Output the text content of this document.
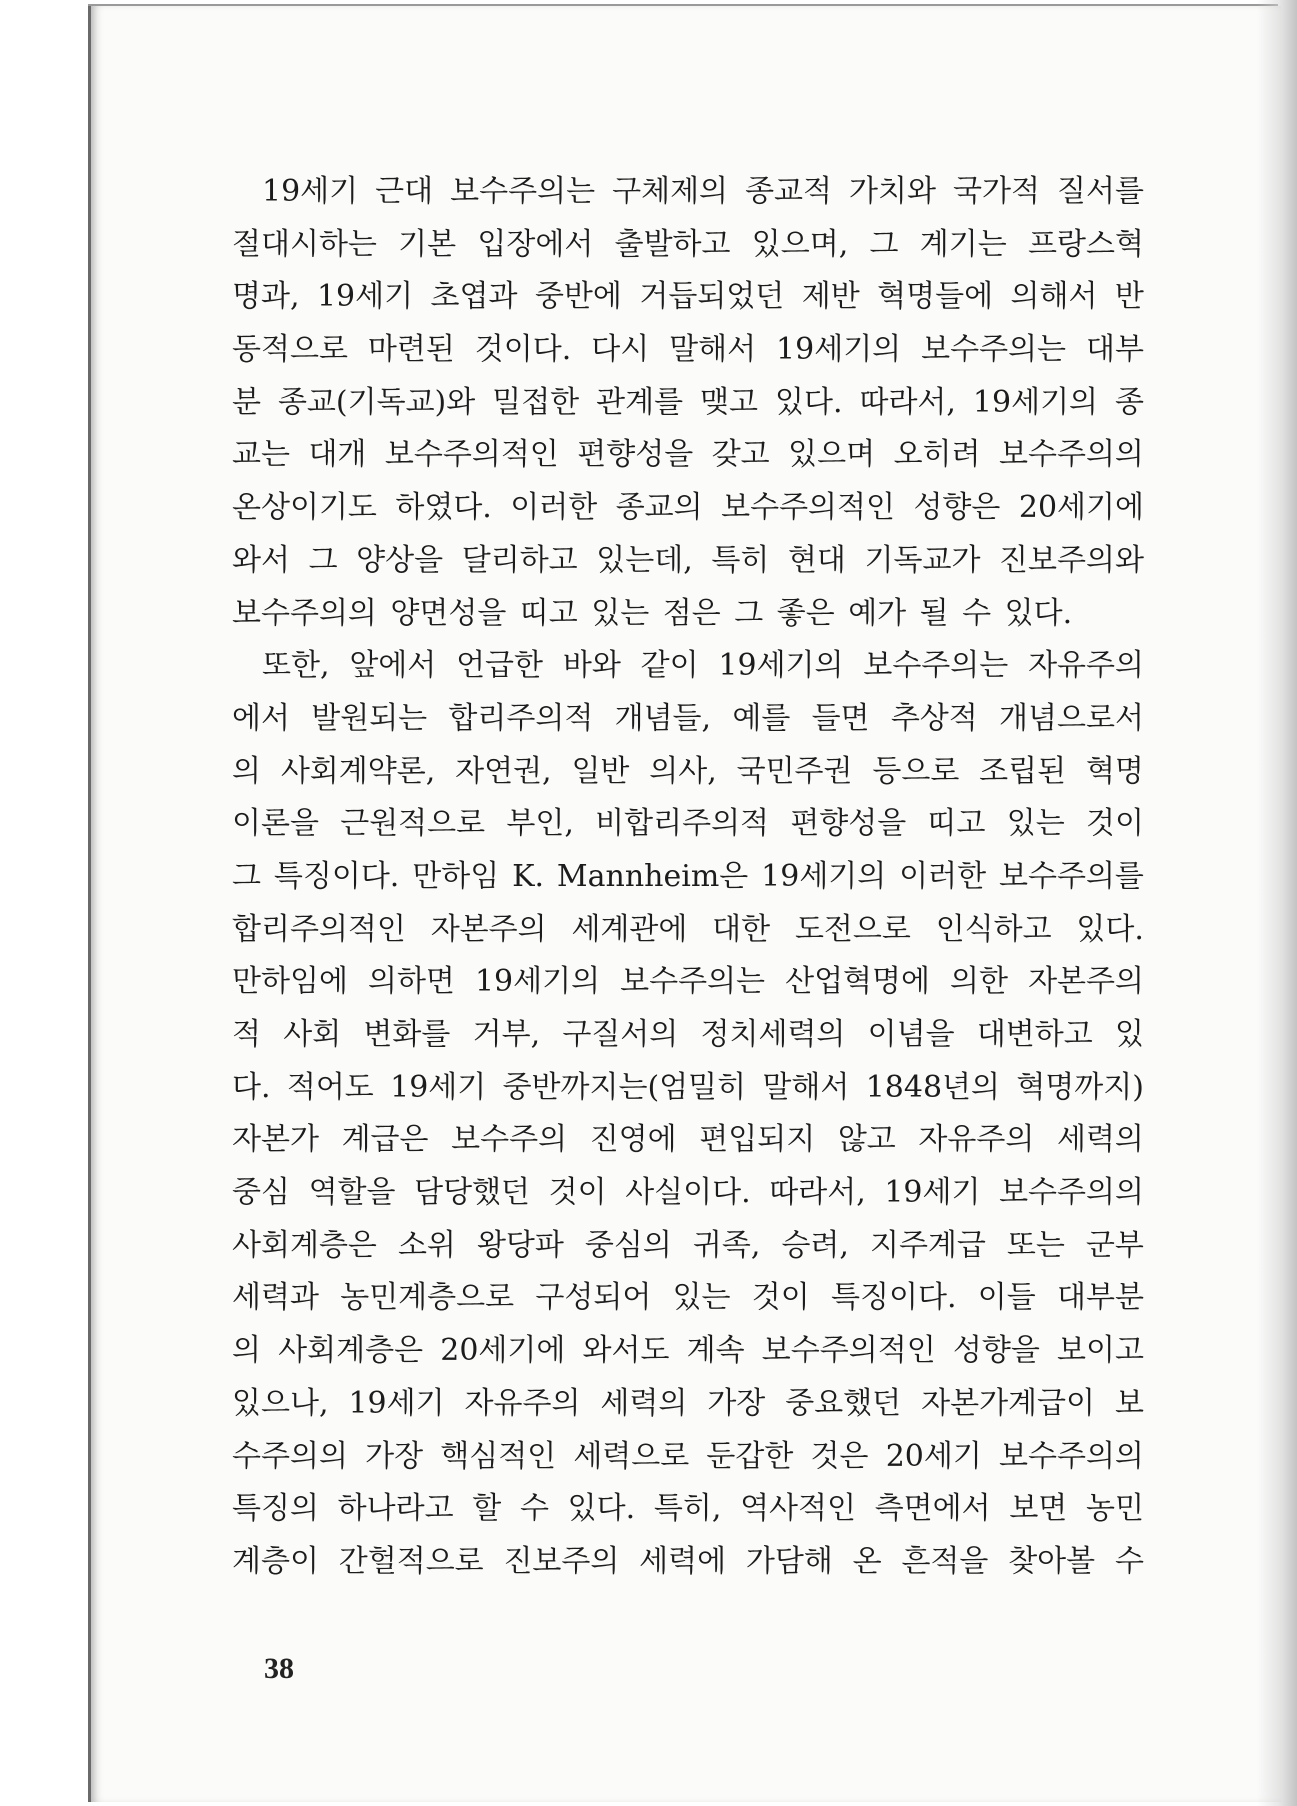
19세기 근대 보수주의는 구체제의 종교적 가치와 국가적 질서를
절대시하는 기본 입장에서 출발하고 있으며, 그 계기는 프랑스혁
명과, 19세기 초엽과 중반에 거듭되었던 제반 혁명들에 의해서 반
동적으로 마련된 것이다. 다시 말해서 19세기의 보수주의는 대부
분 종교(기독교)와 밀접한 관계를 맺고 있다. 따라서, 19세기의 종
교는 대개 보수주의적인 편향성을 갖고 있으며 오히려 보수주의의
온상이기도 하였다. 이러한 종교의 보수주의적인 성향은 20세기에
와서 그 양상을 달리하고 있는데, 특히 현대 기독교가 진보주의와
보수주의의 양면성을 띠고 있는 점은 그 좋은 예가 될 수 있다.
또한, 앞에서 언급한 바와 같이 19세기의 보수주의는 자유주의
에서 발원되는 합리주의적 개념들, 예를 들면 추상적 개념으로서
의 사회계약론, 자연권, 일반 의사, 국민주권 등으로 조립된 혁명
이론을 근원적으로 부인, 비합리주의적 편향성을 띠고 있는 것이
그 특징이다. 만하임 K. Mannheim은 19세기의 이러한 보수주의를
합리주의적인 자본주의 세계관에 대한 도전으로 인식하고 있다.
만하임에 의하면 19세기의 보수주의는 산업혁명에 의한 자본주의
적 사회 변화를 거부, 구질서의 정치세력의 이념을 대변하고 있
다. 적어도 19세기 중반까지는(엄밀히 말해서 1848년의 혁명까지)
자본가 계급은 보수주의 진영에 편입되지 않고 자유주의 세력의
중심 역할을 담당했던 것이 사실이다. 따라서, 19세기 보수주의의
사회계층은 소위 왕당파 중심의 귀족, 승려, 지주계급 또는 군부
세력과 농민계층으로 구성되어 있는 것이 특징이다. 이들 대부분
의 사회계층은 20세기에 와서도 계속 보수주의적인 성향을 보이고
있으나, 19세기 자유주의 세력의 가장 중요했던 자본가계급이 보
수주의의 가장 핵심적인 세력으로 둔갑한 것은 20세기 보수주의의
특징의 하나라고 할 수 있다. 특히, 역사적인 측면에서 보면 농민
계층이 간헐적으로 진보주의 세력에 가담해 온 흔적을 찾아볼 수
38
